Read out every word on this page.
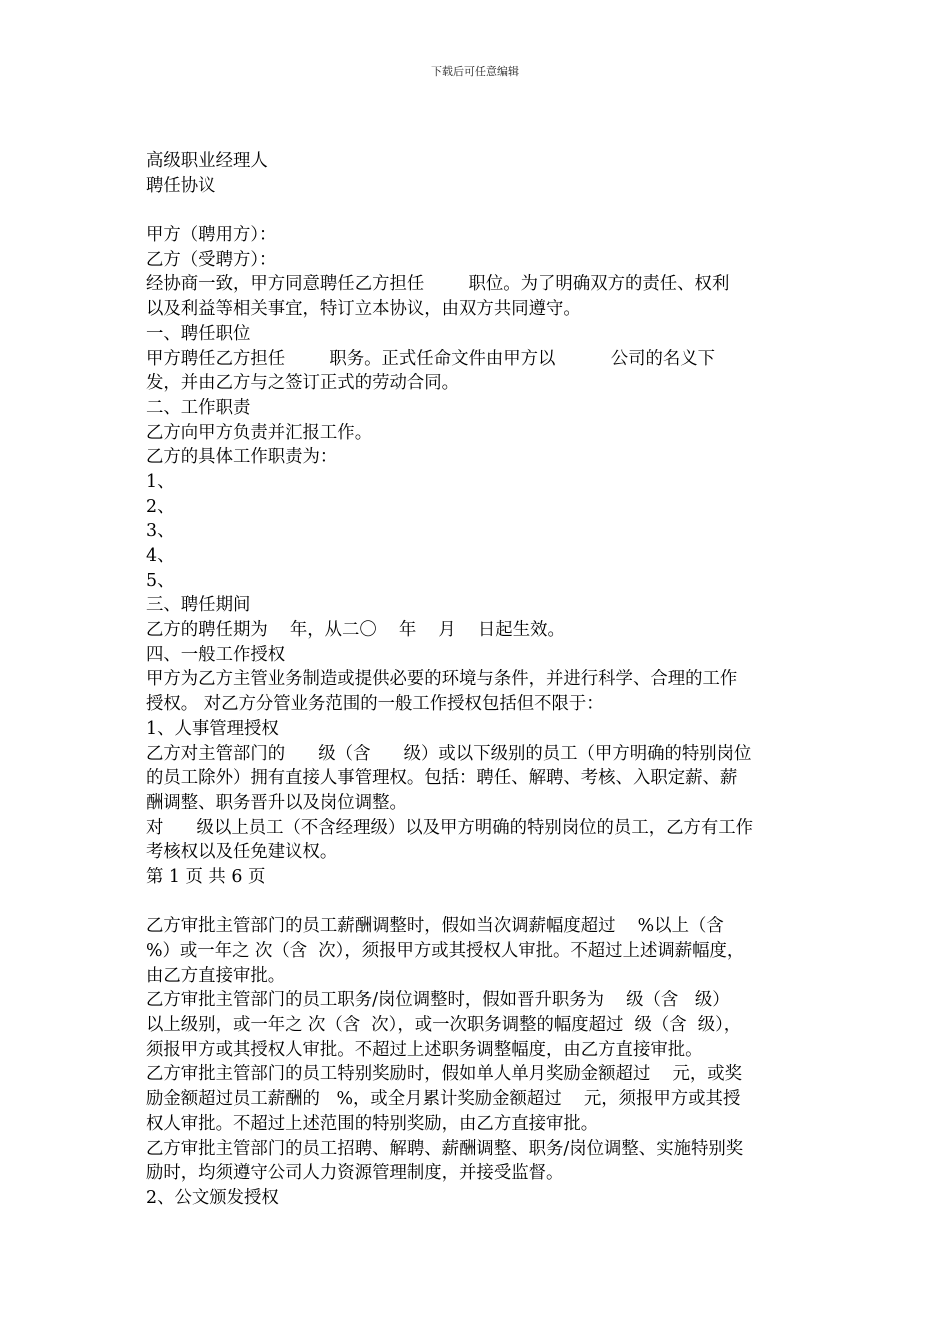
下载后可任意编辑
高级职业经理人
聘任协议
甲方（聘用方）：
乙方（受聘方）：
经协商一致，甲方同意聘任乙方担任        职位。为了明确双方的责任、权利
以及利益等相关事宜，特订立本协议，由双方共同遵守。
一、聘任职位
甲方聘任乙方担任        职务。正式任命文件由甲方以          公司的名义下
发，并由乙方与之签订正式的劳动合同。
二、工作职责
乙方向甲方负责并汇报工作。
乙方的具体工作职责为：
1、
2、
3、
4、
5、
三、聘任期间
乙方的聘任期为    年，从二〇    年    月    日起生效。
四、一般工作授权
甲方为乙方主管业务制造或提供必要的环境与条件，并进行科学、合理的工作
授权。 对乙方分管业务范围的一般工作授权包括但不限于：
1、人事管理授权
乙方对主管部门的      级（含      级）或以下级别的员工（甲方明确的特别岗位
的员工除外）拥有直接人事管理权。包括：聘任、解聘、考核、入职定薪、薪
酬调整、职务晋升以及岗位调整。
对      级以上员工（不含经理级）以及甲方明确的特别岗位的员工，乙方有工作
考核权以及任免建议权。
第 1 页 共 6 页
乙方审批主管部门的员工薪酬调整时，假如当次调薪幅度超过    %以上（含
%）或一年之 次（含  次），须报甲方或其授权人审批。不超过上述调薪幅度，
由乙方直接审批。
乙方审批主管部门的员工职务/岗位调整时，假如晋升职务为    级（含   级）
以上级别，或一年之 次（含  次），或一次职务调整的幅度超过  级（含  级），
须报甲方或其授权人审批。不超过上述职务调整幅度，由乙方直接审批。
乙方审批主管部门的员工特别奖励时，假如单人单月奖励金额超过    元，或奖
励金额超过员工薪酬的   %，或全月累计奖励金额超过    元，须报甲方或其授
权人审批。不超过上述范围的特别奖励，由乙方直接审批。
乙方审批主管部门的员工招聘、解聘、薪酬调整、职务/岗位调整、实施特别奖
励时，均须遵守公司人力资源管理制度，并接受监督。
2、公文颁发授权
